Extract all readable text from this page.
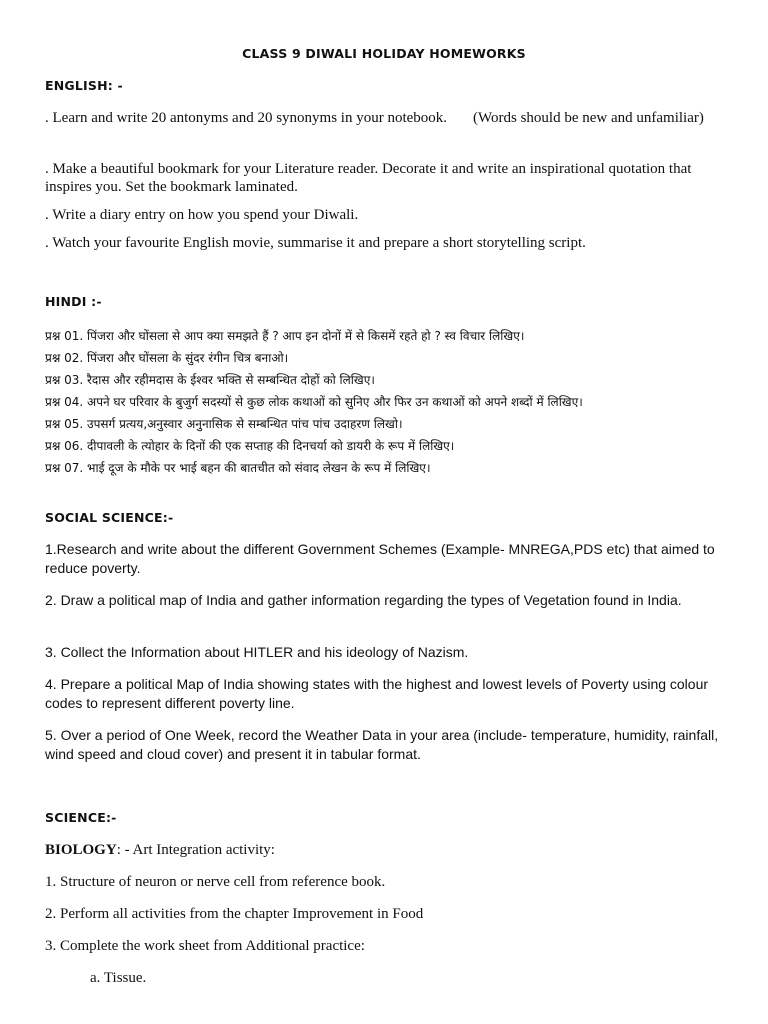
CLASS 9 DIWALI HOLIDAY HOMEWORKS
ENGLISH: -
. Learn and write 20 antonyms and 20 synonyms in your notebook. (Words should be new and unfamiliar)
. Make a beautiful bookmark for your Literature reader. Decorate it and write an inspirational quotation that inspires you. Set the bookmark laminated.
. Write a diary entry on how you spend your Diwali.
. Watch your favourite English movie, summarise it and prepare a short storytelling script.
HINDI :-
प्रश्न 01. पिंजरा और घोंसला से आप क्या समझते हैं ? आप इन दोनों में से किसमें रहते हो ? स्व विचार लिखिए।
प्रश्न 02. पिंजरा और घोंसला के सुंदर रंगीन चित्र बनाओ।
प्रश्न 03. रैदास और रहीमदास के ईश्वर भक्ति से सम्बन्धित दोहों को लिखिए।
प्रश्न 04. अपने घर परिवार के बुजुर्ग सदस्यों से कुछ लोक कथाओं को सुनिए और फिर उन कथाओं को अपने शब्दों में लिखिए।
प्रश्न 05. उपसर्ग प्रत्यय,अनुस्वार अनुनासिक से सम्बन्धित पांच पांच उदाहरण लिखो।
प्रश्न 06. दीपावली के त्योहार के दिनों की एक सप्ताह की दिनचर्या को डायरी के रूप में लिखिए।
प्रश्न 07. भाई दूज के मौके पर भाई बहन की बातचीत को संवाद लेखन के रूप में लिखिए।
SOCIAL SCIENCE:-
1.Research and write about the different Government Schemes (Example- MNREGA,PDS etc) that aimed to reduce poverty.
2. Draw a political map of India and gather information regarding the types of Vegetation found in India.
3. Collect the Information about HITLER and his ideology of Nazism.
4. Prepare a political Map of India showing states with the highest and lowest levels of Poverty using colour codes to represent different poverty line.
5. Over a period of One Week, record the Weather Data in your area (include- temperature, humidity, rainfall, wind speed and cloud cover) and present it in tabular format.
SCIENCE:-
BIOLOGY: - Art Integration activity:
1. Structure of neuron or nerve cell from reference book.
2. Perform all activities from the chapter Improvement in Food
3. Complete the work sheet from Additional practice:
a. Tissue.
